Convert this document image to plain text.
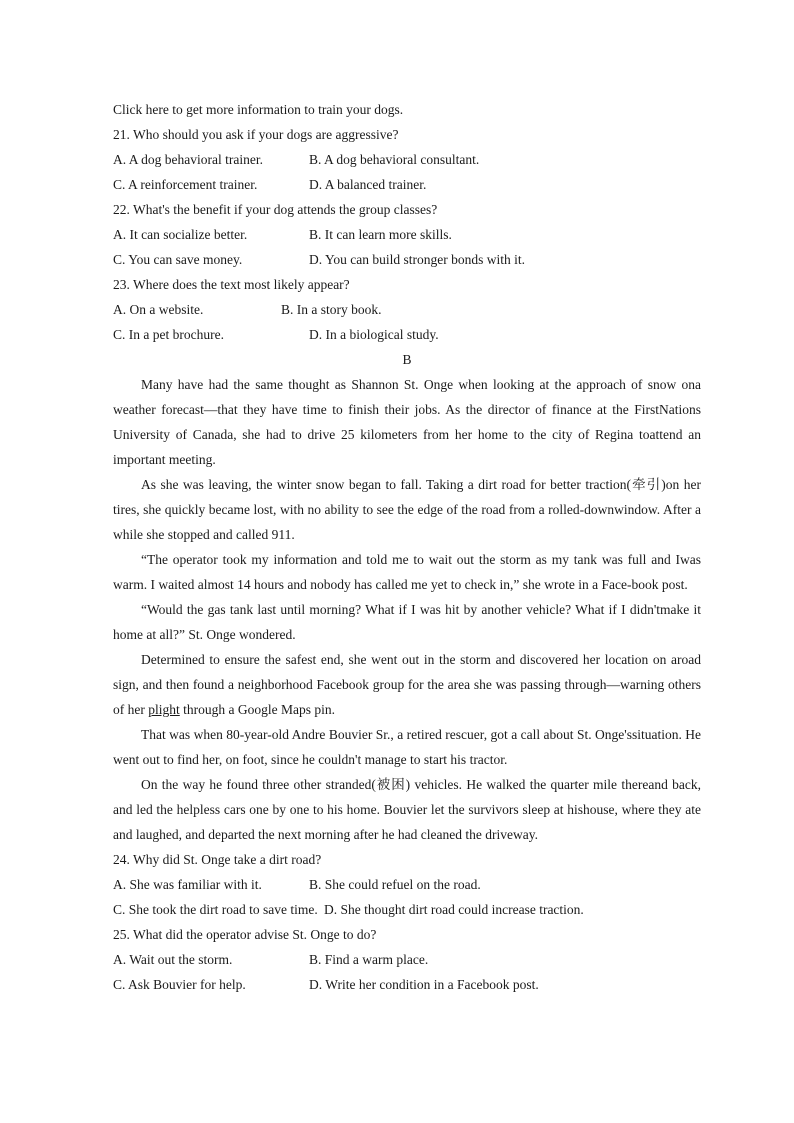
Click here to get more information to train your dogs.
21. Who should you ask if your dogs are aggressive?
A. A dog behavioral trainer.	B. A dog behavioral consultant.
C. A reinforcement trainer.	D. A balanced trainer.
22. What's the benefit if your dog attends the group classes?
A. It can socialize better.	B. It can learn more skills.
C. You can save money.	D. You can build stronger bonds with it.
23. Where does the text most likely appear?
A. On a website.	B. In a story book.
C. In a pet brochure.	D. In a biological study.
B

Many have had the same thought as Shannon St. Onge when looking at the approach of snow ona weather forecast—that they have time to finish their jobs. As the director of finance at the FirstNations University of Canada, she had to drive 25 kilometers from her home to the city of Regina toattend an important meeting.

As she was leaving, the winter snow began to fall. Taking a dirt road for better traction(牵引)on her tires, she quickly became lost, with no ability to see the edge of the road from a rolled-downwindow. After a while she stopped and called 911.

“The operator took my information and told me to wait out the storm as my tank was full and Iwas warm. I waited almost 14 hours and nobody has called me yet to check in,” she wrote in a Face-book post.

“Would the gas tank last until morning? What if I was hit by another vehicle? What if I didn'tmake it home at all?” St. Onge wondered.

Determined to ensure the safest end, she went out in the storm and discovered her location on aroad sign, and then found a neighborhood Facebook group for the area she was passing through—warning others of her plight through a Google Maps pin.

That was when 80-year-old Andre Bouvier Sr., a retired rescuer, got a call about St. Onge'ssituation. He went out to find her, on foot, since he couldn't manage to start his tractor.

On the way he found three other stranded(被困) vehicles. He walked the quarter mile thereand back, and led the helpless cars one by one to his home. Bouvier let the survivors sleep at hishouse, where they ate and laughed, and departed the next morning after he had cleaned the driveway.

24. Why did St. Onge take a dirt road?
A. She was familiar with it.	B. She could refuel on the road.
C. She took the dirt road to save time. D. She thought dirt road could increase traction.
25. What did the operator advise St. Onge to do?
A. Wait out the storm.	B. Find a warm place.
C. Ask Bouvier for help.	D. Write her condition in a Facebook post.
